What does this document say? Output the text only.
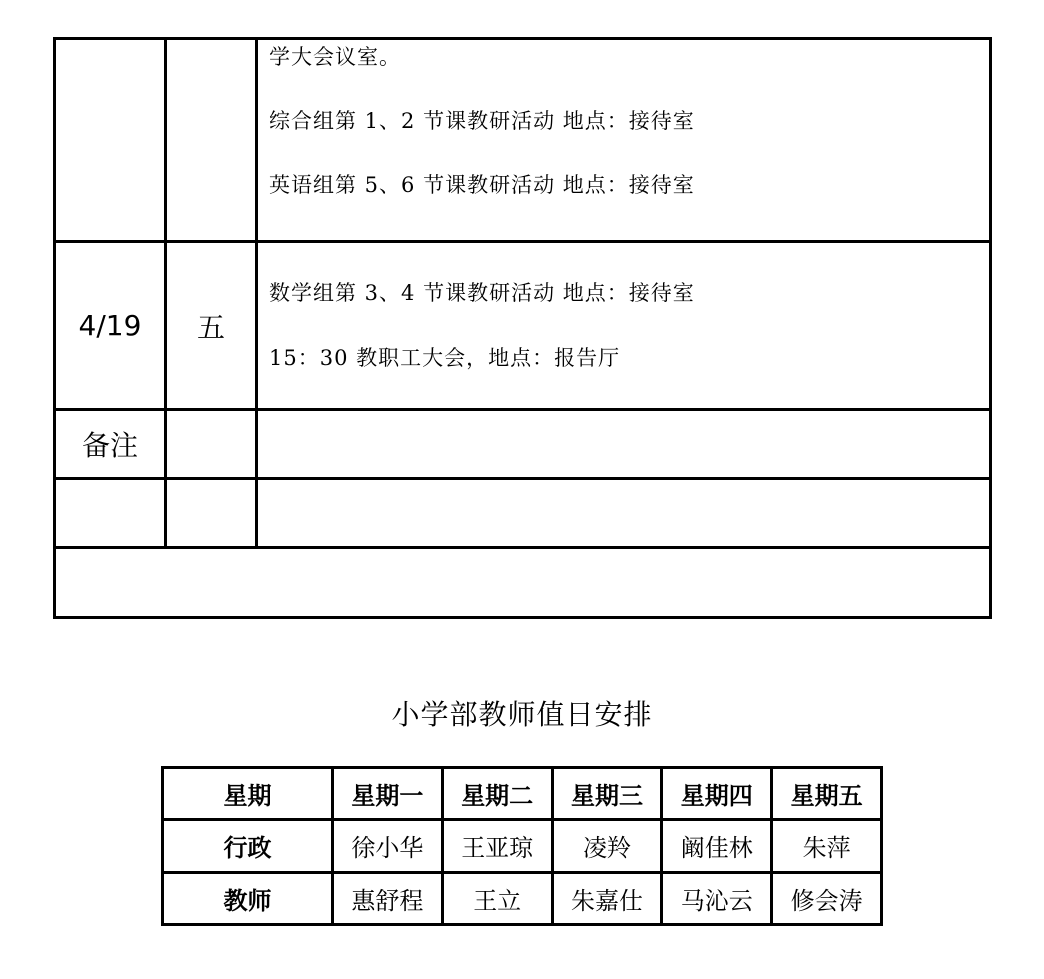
		学大会议室。

综合组第 1、2 节课教研活动 地点：接待室

英语组第 5、6 节课教研活动 地点：接待室

4/19	五	数学组第 3、4 节课教研活动 地点：接待室

15：30 教职工大会，地点：报告厅

备注		

小学部教师值日安排
星期	星期一	星期二	星期三	星期四	星期五
行政	徐小华	王亚琼	凌羚	阚佳林	朱萍
教师	惠舒程	王立	朱嘉仕	马沁云	修会涛
